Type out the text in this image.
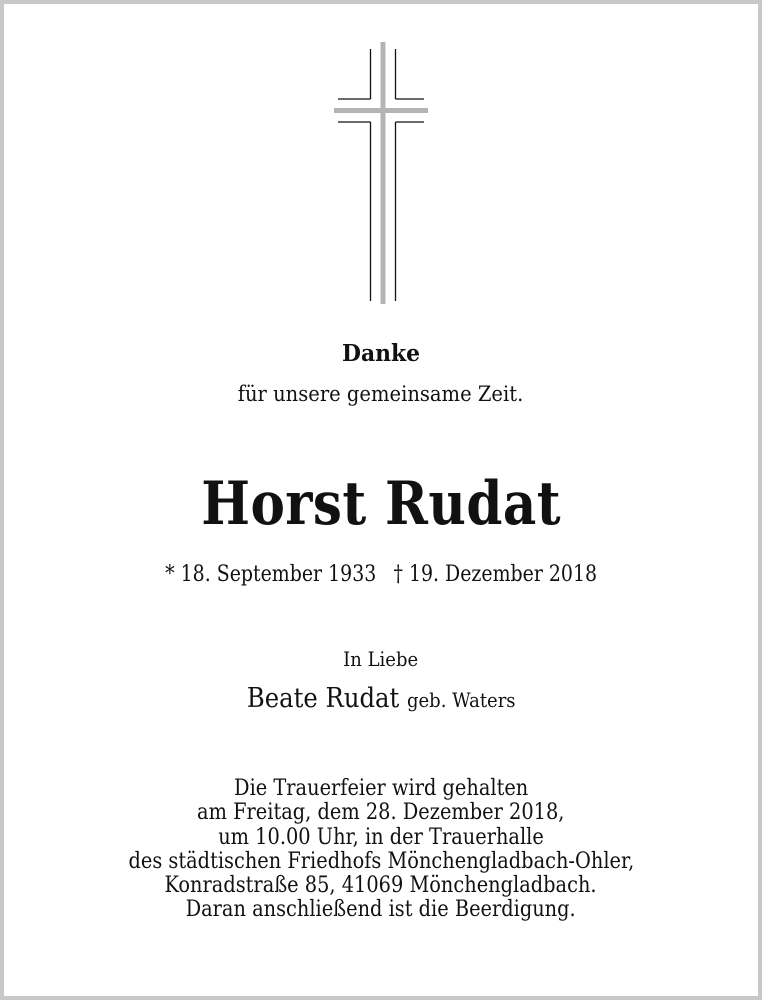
Danke
für unsere gemeinsame Zeit.
Horst Rudat
* 18. September 1933 † 19. Dezember 2018
In Liebe
Beate Rudat geb. Waters
Die Trauerfeier wird gehalten
am Freitag, dem 28. Dezember 2018,
um 10.00 Uhr, in der Trauerhalle
des städtischen Friedhofs Mönchengladbach-Ohler,
Konradstraße 85, 41069 Mönchengladbach.
Daran anschließend ist die Beerdigung.
